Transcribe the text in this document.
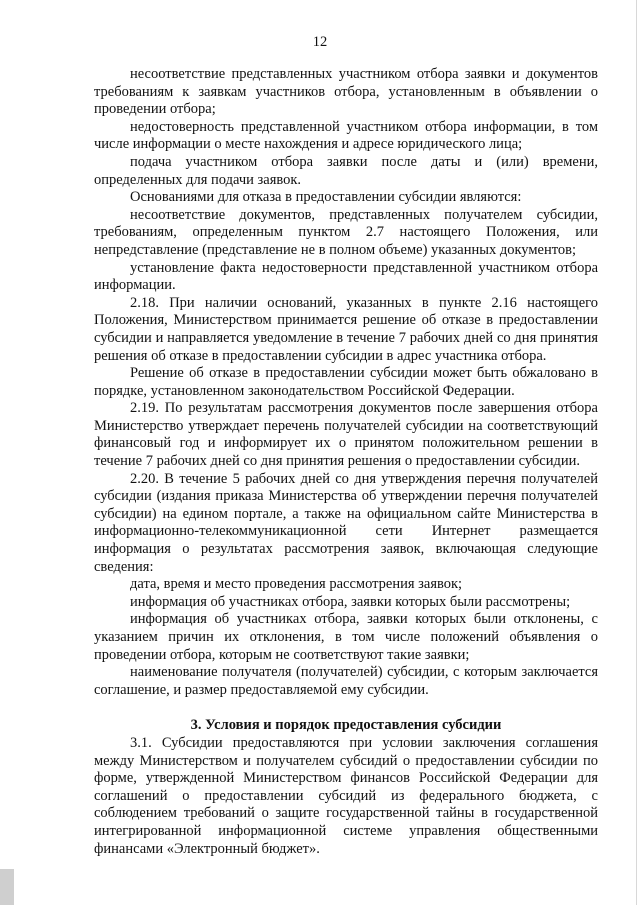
12

несоответствие представленных участником отбора заявки и документов требованиям к заявкам участников отбора, установленным в объявлении о проведении отбора;

недостоверность представленной участником отбора информации, в том числе информации о месте нахождения и адресе юридического лица;

подача участником отбора заявки после даты и (или) времени, определенных для подачи заявок.

Основаниями для отказа в предоставлении субсидии являются:

несоответствие документов, представленных получателем субсидии, требованиям, определенным пунктом 2.7 настоящего Положения, или непредставление (представление не в полном объеме) указанных документов;

установление факта недостоверности представленной участником отбора информации.

2.18. При наличии оснований, указанных в пункте 2.16 настоящего Положения, Министерством принимается решение об отказе в предоставлении субсидии и направляется уведомление в течение 7 рабочих дней со дня принятия решения об отказе в предоставлении субсидии в адрес участника отбора.

Решение об отказе в предоставлении субсидии может быть обжаловано в порядке, установленном законодательством Российской Федерации.

2.19. По результатам рассмотрения документов после завершения отбора Министерство утверждает перечень получателей субсидии на соответствующий финансовый год и информирует их о принятом положительном решении в течение 7 рабочих дней со дня принятия решения о предоставлении субсидии.

2.20. В течение 5 рабочих дней со дня утверждения перечня получателей субсидии (издания приказа Министерства об утверждении перечня получателей субсидии) на едином портале, а также на официальном сайте Министерства в информационно-телекоммуникационной сети Интернет размещается информация о результатах рассмотрения заявок, включающая следующие сведения:

дата, время и место проведения рассмотрения заявок;

информация об участниках отбора, заявки которых были рассмотрены;

информация об участниках отбора, заявки которых были отклонены, с указанием причин их отклонения, в том числе положений объявления о проведении отбора, которым не соответствуют такие заявки;

наименование получателя (получателей) субсидии, с которым заключается соглашение, и размер предоставляемой ему субсидии.

3. Условия и порядок предоставления субсидии

3.1. Субсидии предоставляются при условии заключения соглашения между Министерством и получателем субсидий о предоставлении субсидии по форме, утвержденной Министерством финансов Российской Федерации для соглашений о предоставлении субсидий из федерального бюджета, с соблюдением требований о защите государственной тайны в государственной интегрированной информационной системе управления общественными финансами «Электронный бюджет».
